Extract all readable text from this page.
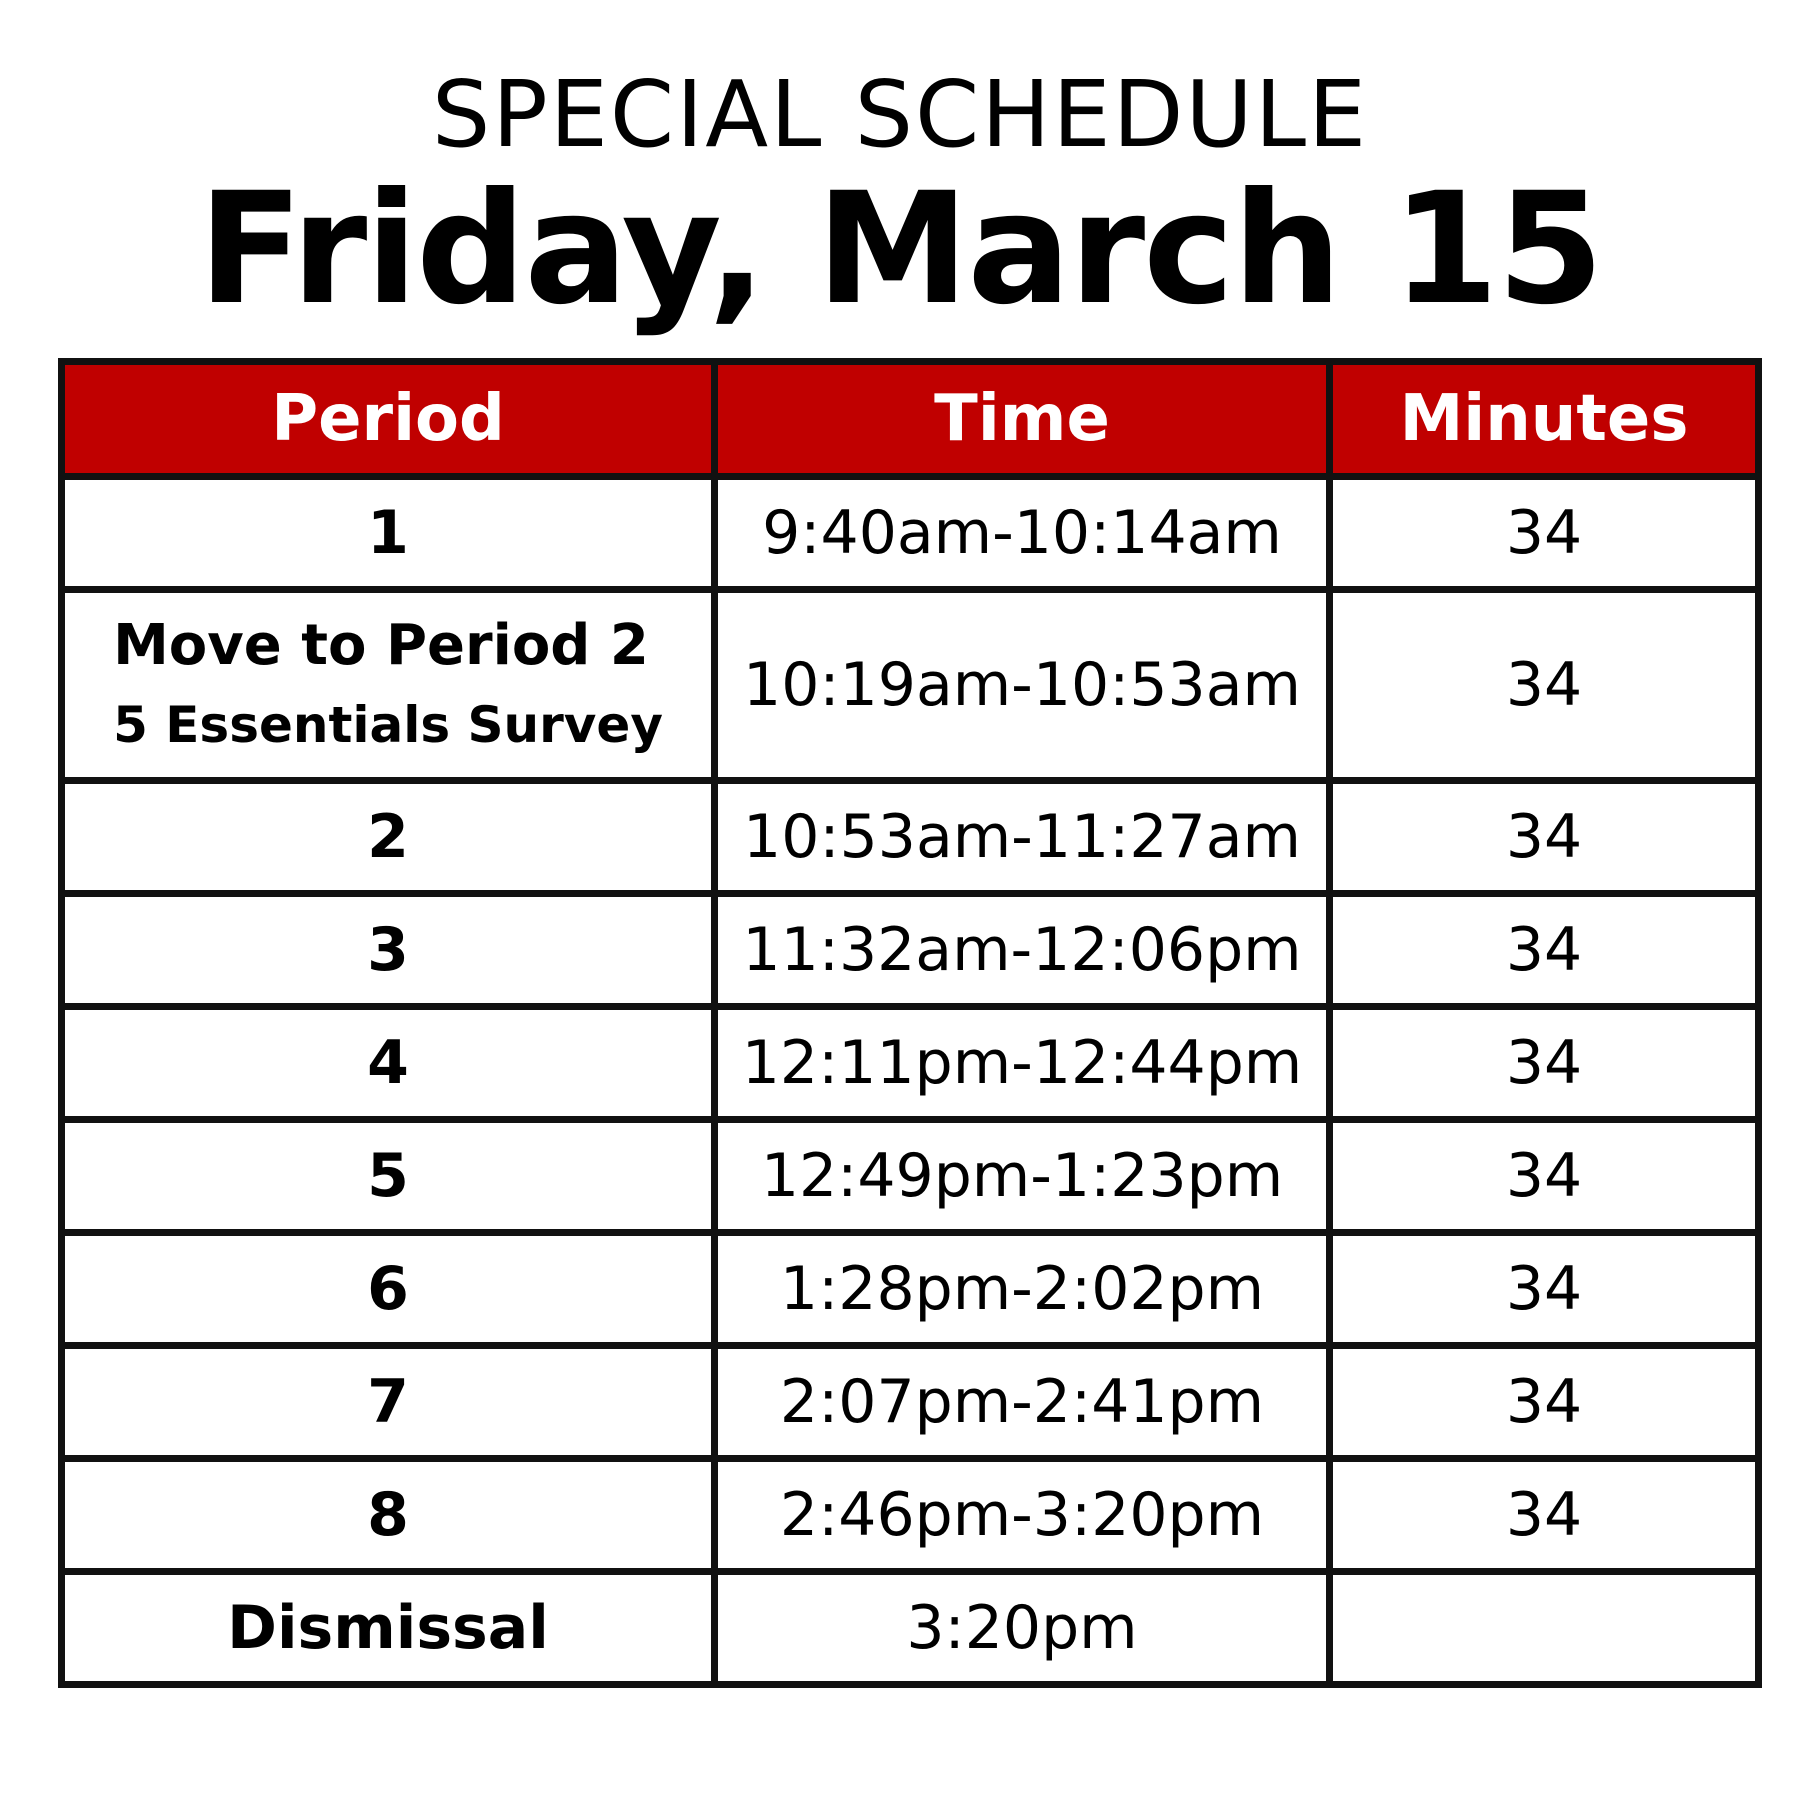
SPECIAL SCHEDULE
Friday, March 15
Period	Time	Minutes
1	9:40am-10:14am	34

Move to Period 2
5 Essentials Survey	10:19am-10:53am	34
2	10:53am-11:27am	34
3	11:32am-12:06pm	34
4	12:11pm-12:44pm	34
5	12:49pm-1:23pm	34
6	1:28pm-2:02pm	34
7	2:07pm-2:41pm	34
8	2:46pm-3:20pm	34
Dismissal	3:20pm	
